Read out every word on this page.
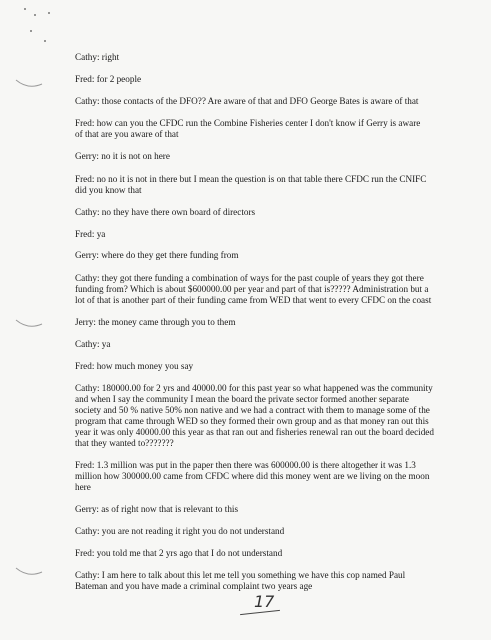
Cathy: right
Fred: for 2 people
Cathy: those contacts of the DFO?? Are aware of that and DFO George Bates is aware of that
Fred: how can you the CFDC run the Combine Fisheries center I don't know if Gerry is aware
of that are you aware of that
Gerry: no it is not on here
Fred: no no it is not in there but I mean the question is on that table there CFDC run the CNIFC
did you know that
Cathy: no they have there own board of directors
Fred: ya
Gerry: where do they get there funding from
Cathy: they got there funding a combination of ways for the past couple of years they got there
funding from? Which is about $600000.00 per year and part of that is????? Administration but a
lot of that is another part of their funding came from WED that went to every CFDC on the coast
Jerry: the money came through you to them
Cathy: ya
Fred: how much money you say
Cathy: 180000.00 for 2 yrs and 40000.00 for this past year so what happened was the community
and when I say the community I mean the board the private sector formed another separate
society and 50 % native 50% non native and we had a contract with them to manage some of the
program that came through WED so they formed their own group and as that money ran out this
year it was only 40000.00 this year as that ran out and fisheries renewal ran out the board decided
that they wanted to???????
Fred: 1.3 million was put in the paper then there was 600000.00 is there altogether it was 1.3
million how 300000.00 came from CFDC where did this money went are we living on the moon
here
Gerry: as of right now that is relevant to this
Cathy: you are not reading it right you do not understand
Fred: you told me that 2 yrs ago that I do not understand
Cathy: I am here to talk about this let me tell you something we have this cop named Paul
Bateman and you have made a criminal complaint two years age
17
